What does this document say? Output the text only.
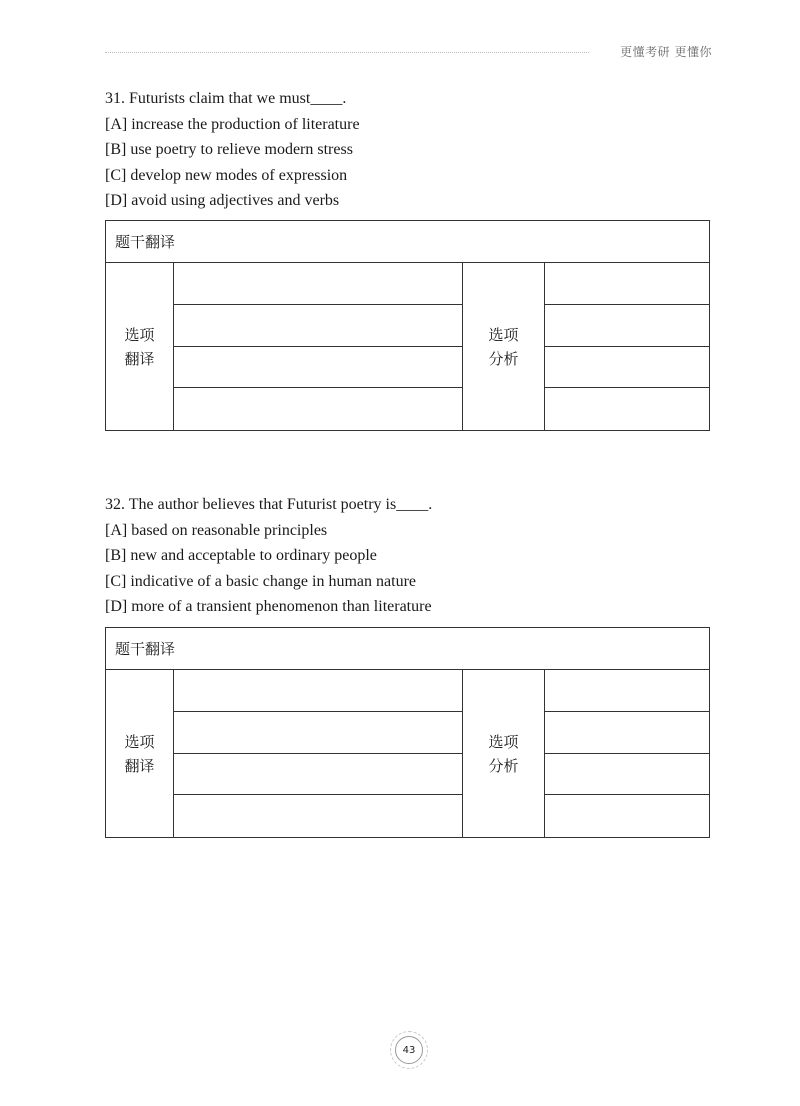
更懂考研 更懂你

31. Futurists claim that we must____.

[A] increase the production of literature

[B] use poetry to relieve modern stress

[C] develop new modes of expression

[D] avoid using adjectives and verbs

题干翻译
选项
翻译
选项
分析

32. The author believes that Futurist poetry is____.

[A] based on reasonable principles

[B] new and acceptable to ordinary people

[C] indicative of a basic change in human nature

[D] more of a transient phenomenon than literature

题干翻译
选项
翻译
选项
分析
43
